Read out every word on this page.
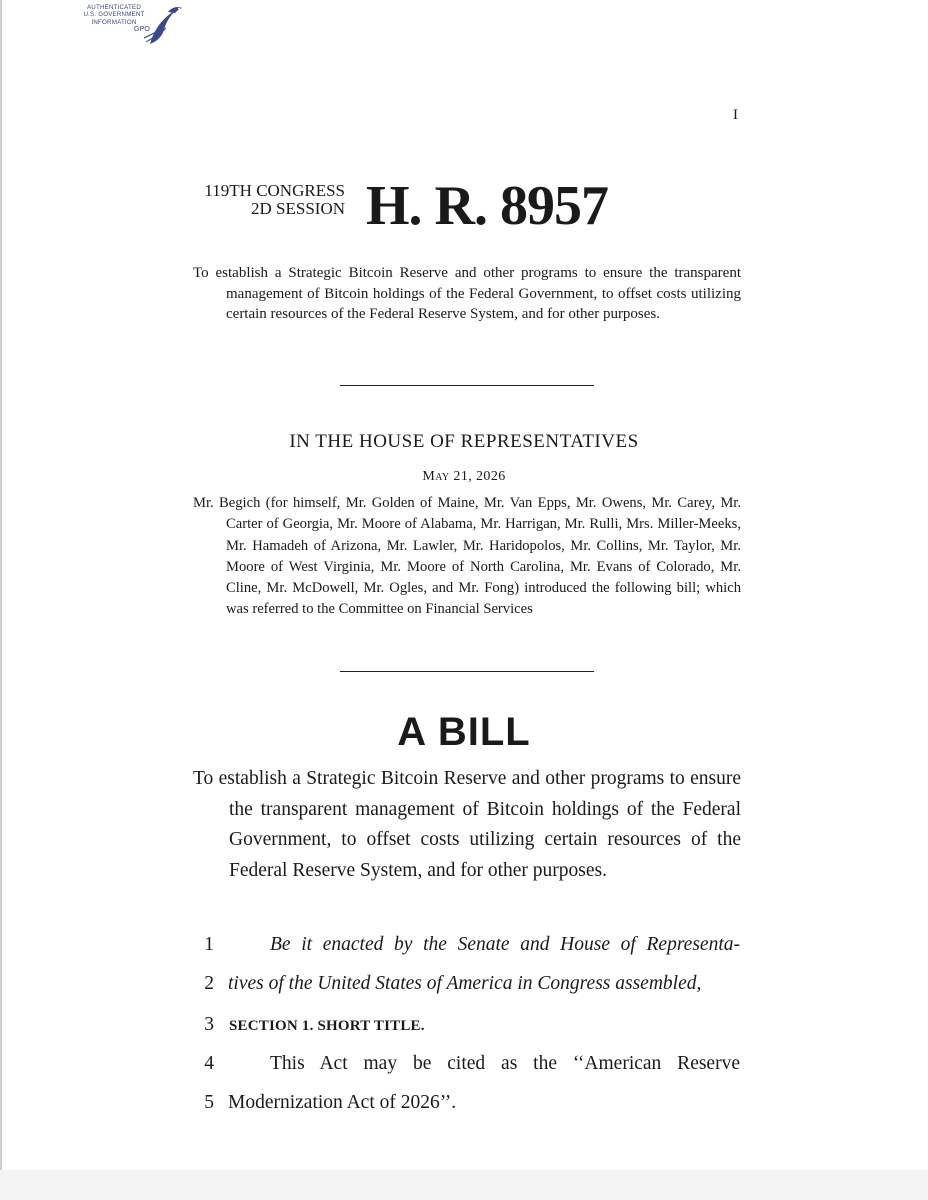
AUTHENTICATED
U.S. GOVERNMENT
INFORMATION
GPO
I
119TH CONGRESS
2D SESSION H. R. 8957
To establish a Strategic Bitcoin Reserve and other programs to ensure the transparent management of Bitcoin holdings of the Federal Government, to offset costs utilizing certain resources of the Federal Reserve System, and for other purposes.
IN THE HOUSE OF REPRESENTATIVES
May 21, 2026
Mr. Begich (for himself, Mr. Golden of Maine, Mr. Van Epps, Mr. Owens, Mr. Carey, Mr. Carter of Georgia, Mr. Moore of Alabama, Mr. Harrigan, Mr. Rulli, Mrs. Miller-Meeks, Mr. Hamadeh of Arizona, Mr. Lawler, Mr. Haridopolos, Mr. Collins, Mr. Taylor, Mr. Moore of West Virginia, Mr. Moore of North Carolina, Mr. Evans of Colorado, Mr. Cline, Mr. McDowell, Mr. Ogles, and Mr. Fong) introduced the following bill; which was referred to the Committee on Financial Services
A BILL
To establish a Strategic Bitcoin Reserve and other programs to ensure the transparent management of Bitcoin holdings of the Federal Government, to offset costs utilizing certain resources of the Federal Reserve System, and for other purposes.
1	Be it enacted by the Senate and House of Representa-
2 tives of the United States of America in Congress assembled,
3 SECTION 1. SHORT TITLE.
4	This Act may be cited as the ‘‘American Reserve
5 Modernization Act of 2026’’.
